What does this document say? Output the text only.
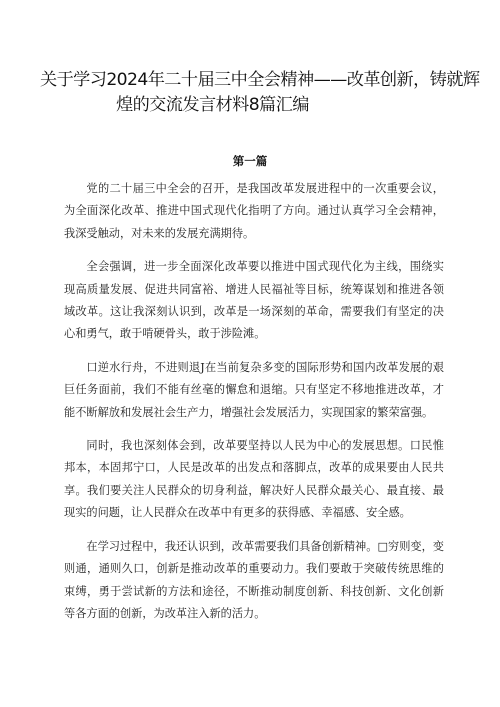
关于学习2024年二十届三中全会精神——改革创新，铸就辉
煌的交流发言材料8篇汇编
第一篇

党的二十届三中全会的召开，是我国改革发展进程中的一次重要会议，为全面深化改革、推进中国式现代化指明了方向。通过认真学习全会精神，我深受触动，对未来的发展充满期待。

全会强调，进一步全面深化改革要以推进中国式现代化为主线，围绕实现高质量发展、促进共同富裕、增进人民福祉等目标，统筹谋划和推进各领域改革。这让我深刻认识到，改革是一场深刻的革命，需要我们有坚定的决心和勇气，敢于啃硬骨头，敢于涉险滩。

口逆水行舟，不进则退J在当前复杂多变的国际形势和国内改革发展的艰巨任务面前，我们不能有丝毫的懈怠和退缩。只有坚定不移地推进改革，才能不断解放和发展社会生产力，增强社会发展活力，实现国家的繁荣富强。

同时，我也深刻体会到，改革要坚持以人民为中心的发展思想。口民惟邦本，本固邦宁口，人民是改革的出发点和落脚点，改革的成果要由人民共享。我们要关注人民群众的切身利益，解决好人民群众最关心、最直接、最现实的问题，让人民群众在改革中有更多的获得感、幸福感、安全感。

在学习过程中，我还认识到，改革需要我们具备创新精神。□穷则变，变则通，通则久口，创新是推动改革的重要动力。我们要敢于突破传统思维的束缚，勇于尝试新的方法和途径，不断推动制度创新、科技创新、文化创新等各方面的创新，为改革注入新的活力。
